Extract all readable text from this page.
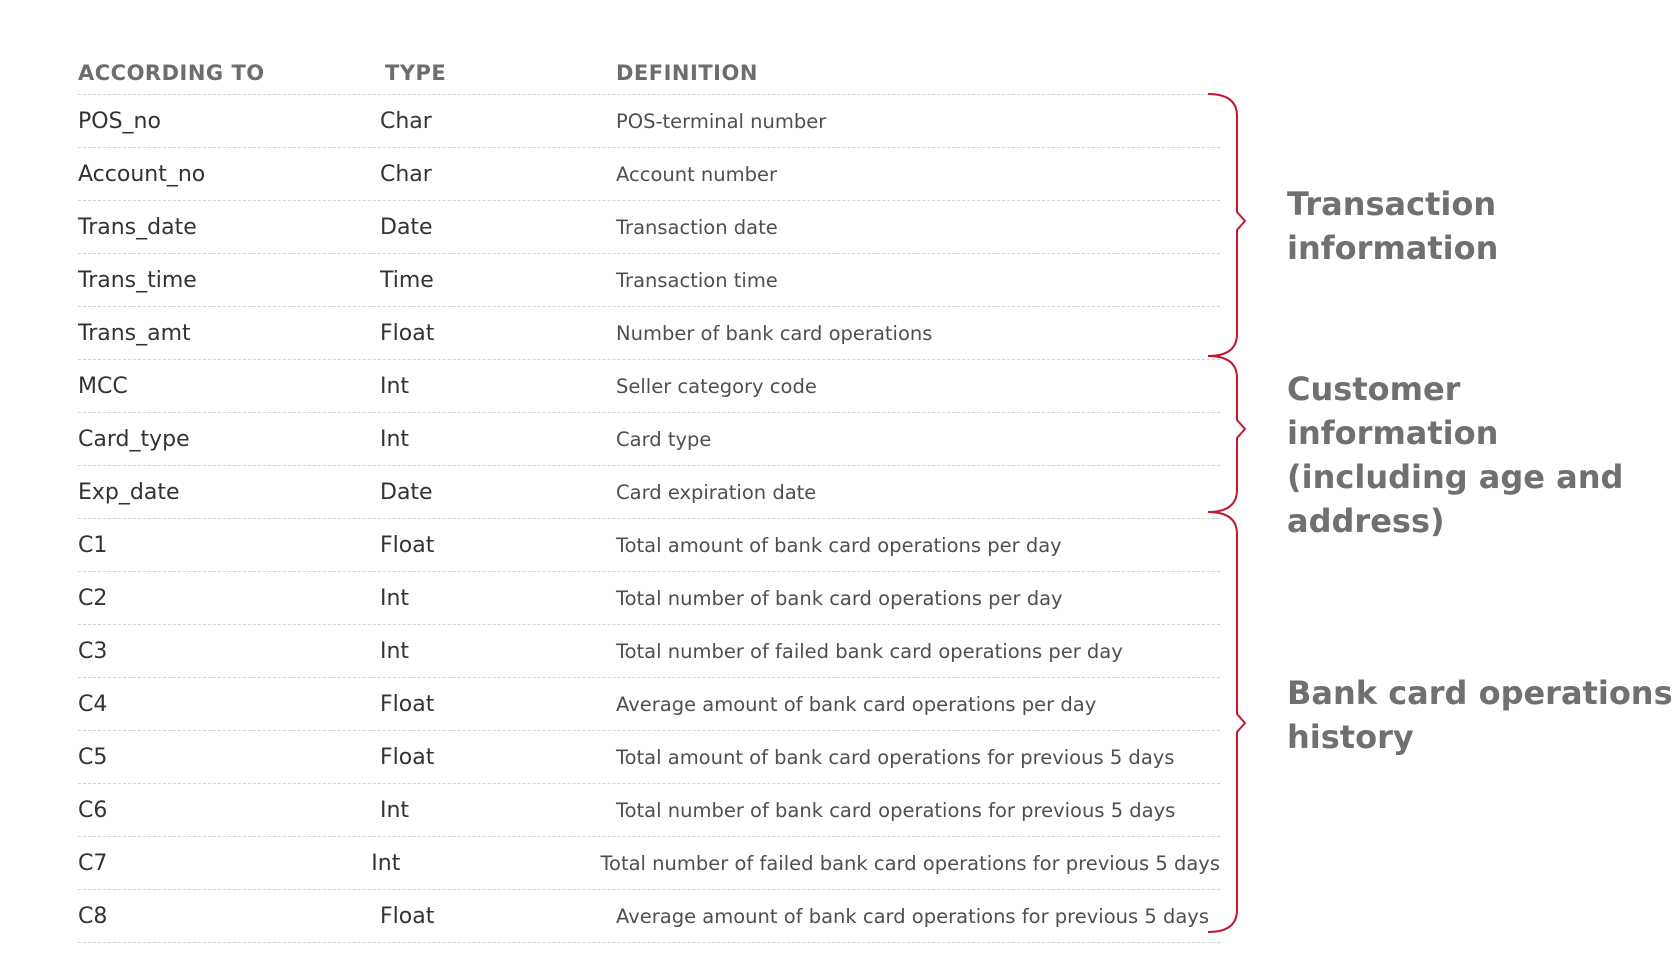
ACCORDING TO	TYPE	DEFINITION
POS_no	Char	POS-terminal number
Account_no	Char	Account number
Trans_date	Date	Transaction date
Trans_time	Time	Transaction time
Trans_amt	Float	Number of bank card operations
MCC	Int	Seller category code
Card_type	Int	Card type
Exp_date	Date	Card expiration date
C1	Float	Total amount of bank card operations per day
C2	Int	Total number of bank card operations per day
C3	Int	Total number of failed bank card operations per day
C4	Float	Average amount of bank card operations per day
C5	Float	Total amount of bank card operations for previous 5 days
C6	Int	Total number of bank card operations for previous 5 days
C7	Int	Total number of failed bank card operations for previous 5 days
C8	Float	Average amount of bank card operations for previous 5 days
Transaction
information
Customer information
(including age and
address)
Bank card operations
history
